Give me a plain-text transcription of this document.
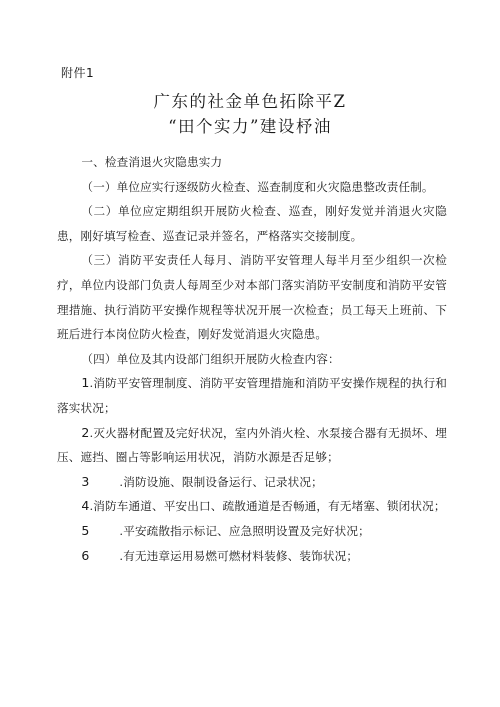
附件1
广东的社金单色拓除平Z
“田个实力”建设杼油

一、检查消退火灾隐患实力

（一）单位应实行逐级防火检查、巡查制度和火灾隐患整改责任制。

（二）单位应定期组织开展防火检查、巡查，刚好发觉并消退火灾隐患，刚好填写检查、巡查记录并签名，严格落实交接制度。

（三）消防平安责任人每月、消防平安管理人每半月至少组织一次检疗，单位内设部门负责人每周至少对本部门落实消防平安制度和消防平安管理措施、执行消防平安操作规程等状况开展一次检查；员工每天上班前、下班后进行本岗位防火检查，刚好发觉消退火灾隐患。

（四）单位及其内设部门组织开展防火检查内容：

1.消防平安管理制度、消防平安管理措施和消防平安操作规程的执行和落实状况；

2.灭火器材配置及完好状况，室内外消火栓、水泵接合器有无损坏、埋压、遮挡、圈占等影响运用状况，消防水源是否足够；

3	.消防设施、限制设备运行、记录状况；

4.消防车通道、平安出口、疏散通道是否畅通，有无堵塞、锁闭状况；

5	.平安疏散指示标记、应急照明设置及完好状况；

6	.有无违章运用易燃可燃材料装修、装饰状况；
